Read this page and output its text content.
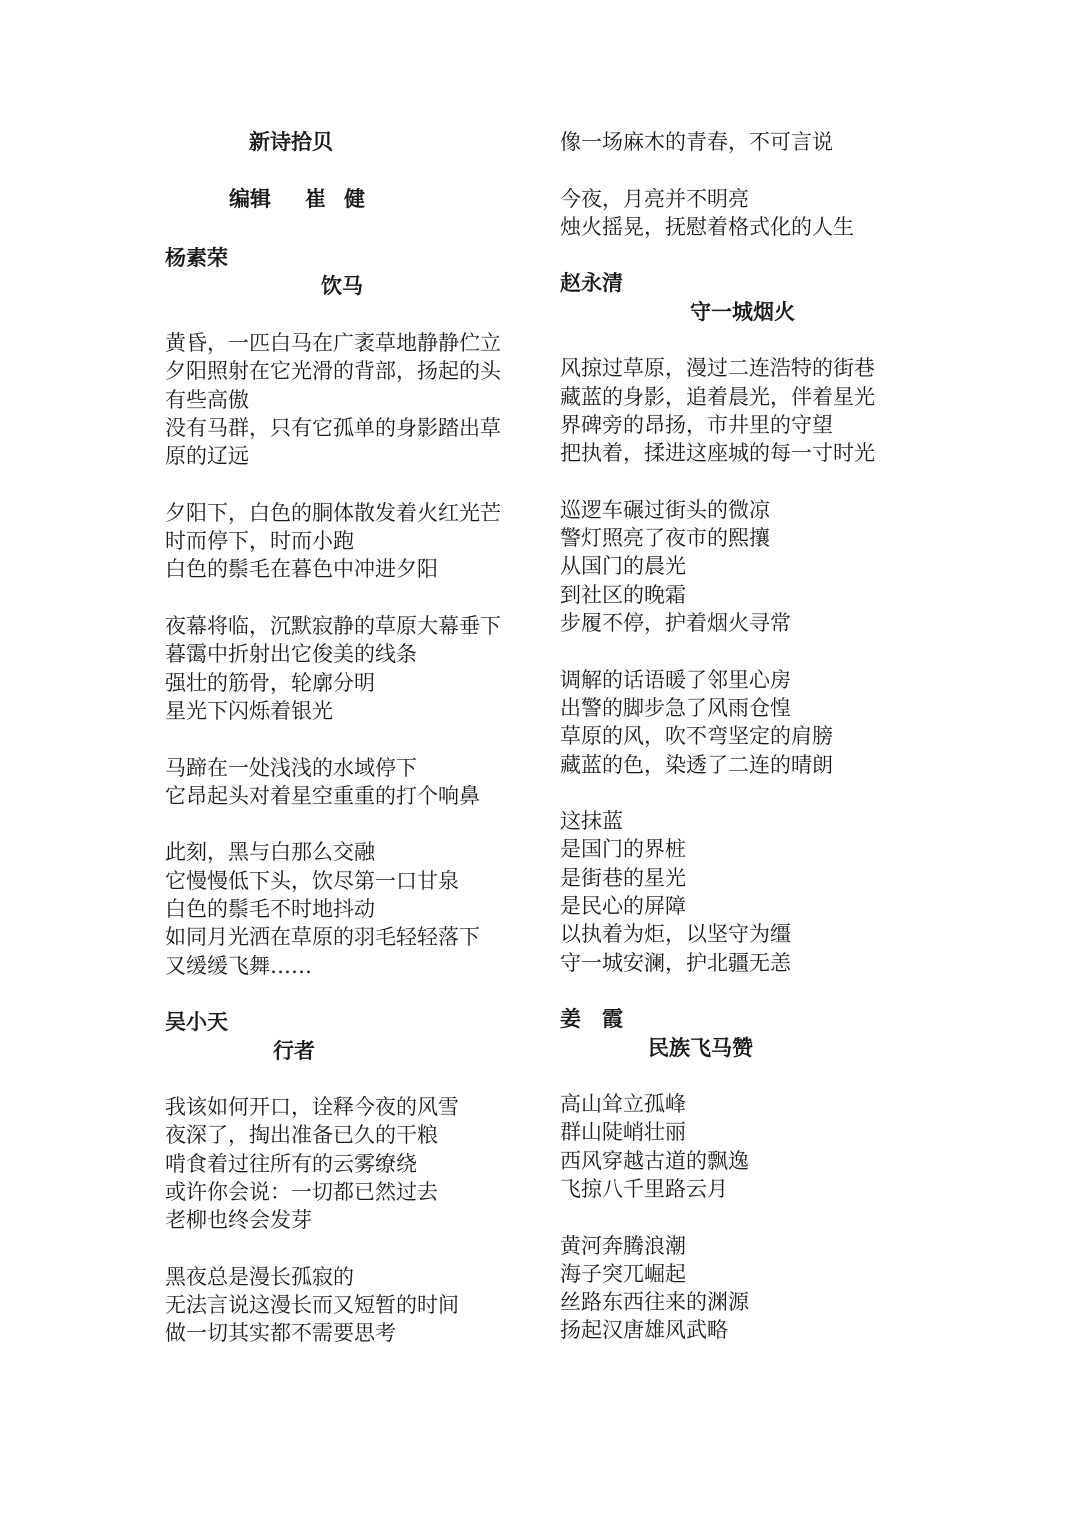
新诗拾贝
编辑 崔 健
杨素荣
饮马
黄昏，一匹白马在广袤草地静静伫立
夕阳照射在它光滑的背部，扬起的头
有些高傲
没有马群，只有它孤单的身影踏出草
原的辽远
夕阳下，白色的胴体散发着火红光芒
时而停下，时而小跑
白色的鬃毛在暮色中冲进夕阳
夜幕将临，沉默寂静的草原大幕垂下
暮霭中折射出它俊美的线条
强壮的筋骨，轮廓分明
星光下闪烁着银光
马蹄在一处浅浅的水域停下
它昂起头对着星空重重的打个响鼻
此刻，黑与白那么交融
它慢慢低下头，饮尽第一口甘泉
白色的鬃毛不时地抖动
如同月光洒在草原的羽毛轻轻落下
又缓缓飞舞……
吴小天
行者
我该如何开口，诠释今夜的风雪
夜深了，掏出准备已久的干粮
啃食着过往所有的云雾缭绕
或许你会说：一切都已然过去
老柳也终会发芽
黑夜总是漫长孤寂的
无法言说这漫长而又短暂的时间
做一切其实都不需要思考
像一场麻木的青春，不可言说
今夜，月亮并不明亮
烛火摇晃，抚慰着格式化的人生
赵永清
守一城烟火
风掠过草原，漫过二连浩特的街巷
藏蓝的身影，追着晨光，伴着星光
界碑旁的昂扬，市井里的守望
把执着，揉进这座城的每一寸时光
巡逻车碾过街头的微凉
警灯照亮了夜市的熙攘
从国门的晨光
到社区的晚霜
步履不停，护着烟火寻常
调解的话语暖了邻里心房
出警的脚步急了风雨仓惶
草原的风，吹不弯坚定的肩膀
藏蓝的色，染透了二连的晴朗
这抹蓝
是国门的界桩
是街巷的星光
是民心的屏障
以执着为炬，以坚守为缰
守一城安澜，护北疆无恙
姜　霞
民族飞马赞
高山耸立孤峰
群山陡峭壮丽
西风穿越古道的飘逸
飞掠八千里路云月
黄河奔腾浪潮
海子突兀崛起
丝路东西往来的渊源
扬起汉唐雄风武略
